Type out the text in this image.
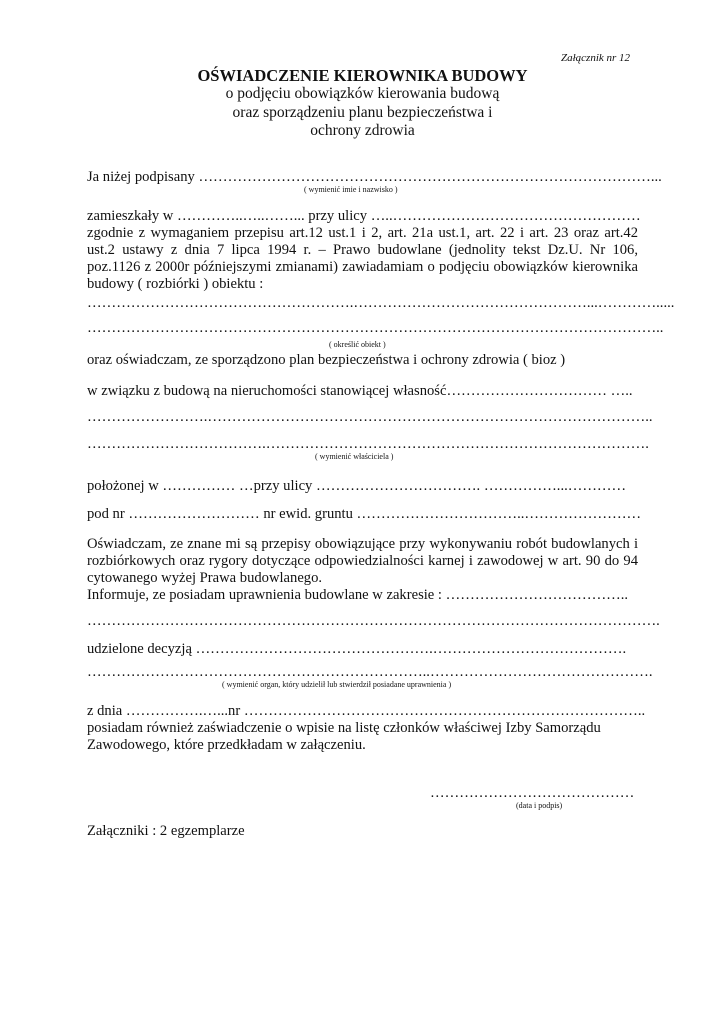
Załącznik nr 12
OŚWIADCZENIE KIEROWNIKA BUDOWY
o podjęciu obowiązków kierowania budową
oraz sporządzeniu planu bezpieczeństwa i
ochrony zdrowia
Ja niżej podpisany …………………………………………………………………………………...
( wymienić imie i nazwisko )
zamieszkały w …………..…..……... przy ulicy …..……………………………………………
zgodnie z wymaganiem przepisu art.12 ust.1 i 2, art. 21a ust.1, art. 22 i art. 23 oraz art.42
ust.2 ustawy z dnia 7 lipca 1994 r. – Prawo budowlane (jednolity tekst Dz.U. Nr 106,
poz.1126 z 2000r późniejszymi zmianami) zawiadamiam o podjęciu obowiązków kierownika
budowy ( rozbiórki ) obiektu :
……………………………………………….…………………………………………...………….....
………………………………………………………………………………………………………..
( określić obiekt )
oraz oświadczam, ze sporządzono plan bezpieczeństwa i ochrony zdrowia ( bioz )
w związku z budową na nieruchomości stanowiącej własność…………………………… …..
…………………….………………………………………………………………………………..
……………………………….…………………………………………………………………….
( wymienić właściciela )
położonej w …………… …przy ulicy ……………………………. ……………...…………
pod nr ……………………… nr ewid. gruntu ……………………………..……………………
Oświadczam, ze znane mi są przepisy obowiązujące przy wykonywaniu robót budowlanych i
rozbiórkowych oraz rygory dotyczące odpowiedzialności karnej i zawodowej w art. 90 do 94
cytowanego wyżej Prawa budowlanego.
Informuje, ze posiadam uprawnienia budowlane w zakresie : ………………………………..
……………………………………………………………………………………………………….
udzielone decyzją ………………………………………….………………………………….
……………………………………………………………..……………………………………….
( wymienić organ, który udzielił lub stwierdził posiadane uprawnienia )
z dnia …………….…...nr ………………………………………………………………………..
posiadam również zaświadczenie o wpisie na listę członków właściwej Izby Samorządu
Zawodowego, które przedkładam w załączeniu.
……………………………………
(data i podpis)
Załączniki : 2 egzemplarze
